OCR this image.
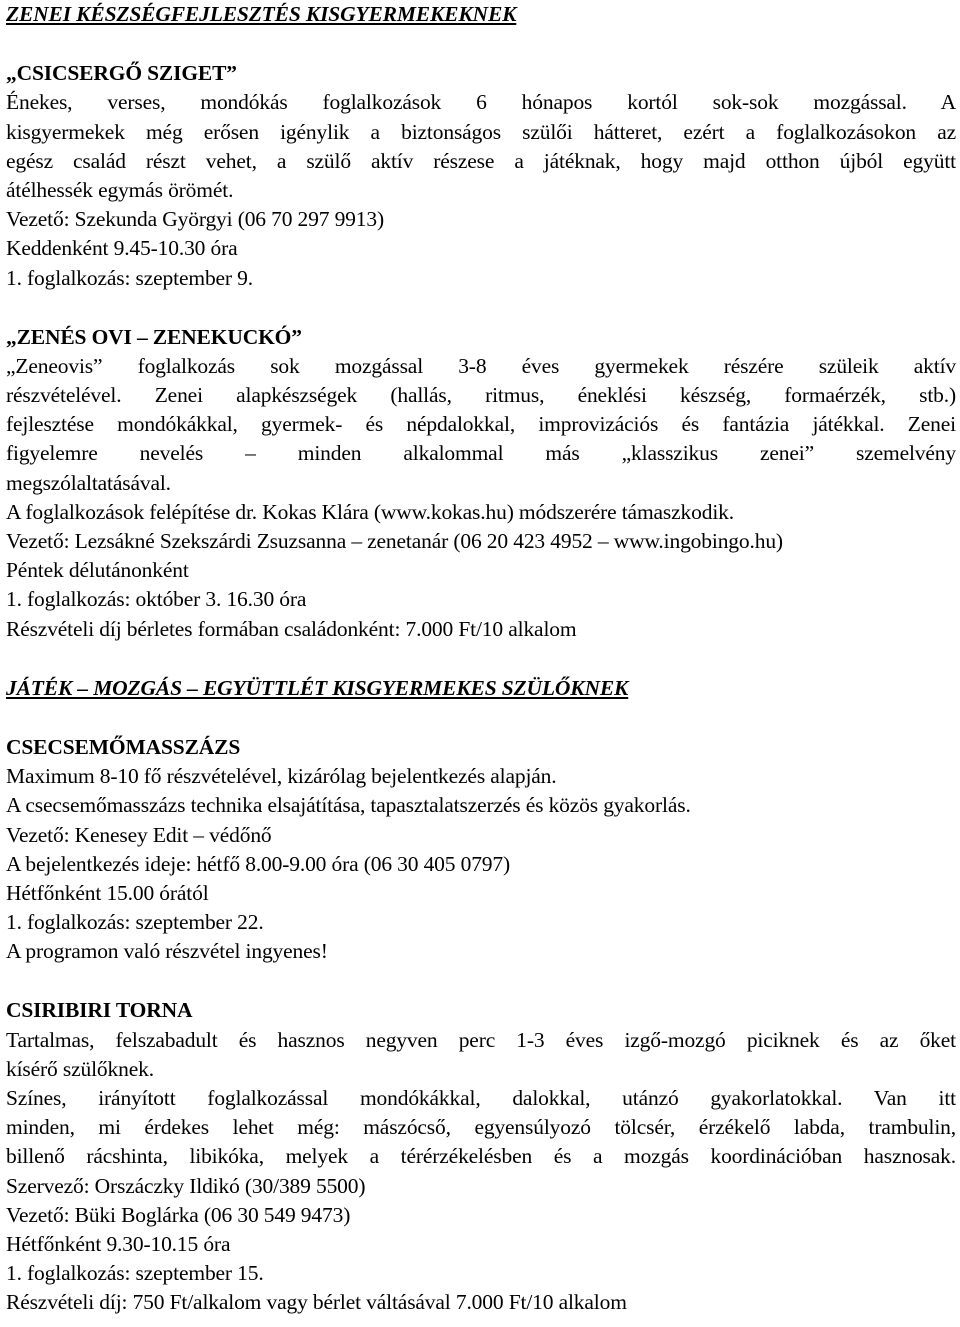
ZENEI KÉSZSÉGFEJLESZTÉS KISGYERMEKEKNEK
„CSICSERGŐ SZIGET”
Énekes, verses, mondókás foglalkozások 6 hónapos kortól sok-sok mozgással. A
kisgyermekek még erősen igénylik a biztonságos szülői hátteret, ezért a foglalkozásokon az
egész család részt vehet, a szülő aktív részese a játéknak, hogy majd otthon újból együtt
átélhessék egymás örömét.
Vezető: Szekunda Györgyi (06 70 297 9913)
Keddenként 9.45-10.30 óra
1. foglalkozás: szeptember 9.
„ZENÉS OVI – ZENEKUCKÓ”
„Zeneovis” foglalkozás sok mozgással 3-8 éves gyermekek részére szüleik aktív
részvételével. Zenei alapkészségek (hallás, ritmus, éneklési készség, formaérzék, stb.)
fejlesztése mondókákkal, gyermek- és népdalokkal, improvizációs és fantázia játékkal. Zenei
figyelemre nevelés – minden alkalommal más „klasszikus zenei” szemelvény
megszólaltatásával.
A foglalkozások felépítése dr. Kokas Klára (www.kokas.hu) módszerére támaszkodik.
Vezető: Lezsákné Szekszárdi Zsuzsanna – zenetanár (06 20 423 4952 – www.ingobingo.hu)
Péntek délutánonként
1. foglalkozás: október 3. 16.30 óra
Részvételi díj bérletes formában családonként: 7.000 Ft/10 alkalom
JÁTÉK – MOZGÁS – EGYÜTTLÉT KISGYERMEKES SZÜLŐKNEK
CSECSEMŐMASSZÁZS
Maximum 8-10 fő részvételével, kizárólag bejelentkezés alapján.
A csecsemőmasszázs technika elsajátítása, tapasztalatszerzés és közös gyakorlás.
Vezető: Kenesey Edit – védőnő
A bejelentkezés ideje: hétfő 8.00-9.00 óra (06 30 405 0797)
Hétfőnként 15.00 órától
1. foglalkozás: szeptember 22.
A programon való részvétel ingyenes!
CSIRIBIRI TORNA
Tartalmas, felszabadult és hasznos negyven perc 1-3 éves izgő-mozgó piciknek és az őket
kísérő szülőknek.
Színes, irányított foglalkozással mondókákkal, dalokkal, utánzó gyakorlatokkal. Van itt
minden, mi érdekes lehet még: mászócső, egyensúlyozó tölcsér, érzékelő labda, trambulin,
billenő rácshinta, libikóka, melyek a térérzékelésben és a mozgás koordinációban hasznosak.
Szervező: Orszáczky Ildikó (30/389 5500)
Vezető: Büki Boglárka (06 30 549 9473)
Hétfőnként 9.30-10.15 óra
1. foglalkozás: szeptember 15.
Részvételi díj: 750 Ft/alkalom vagy bérlet váltásával 7.000 Ft/10 alkalom
